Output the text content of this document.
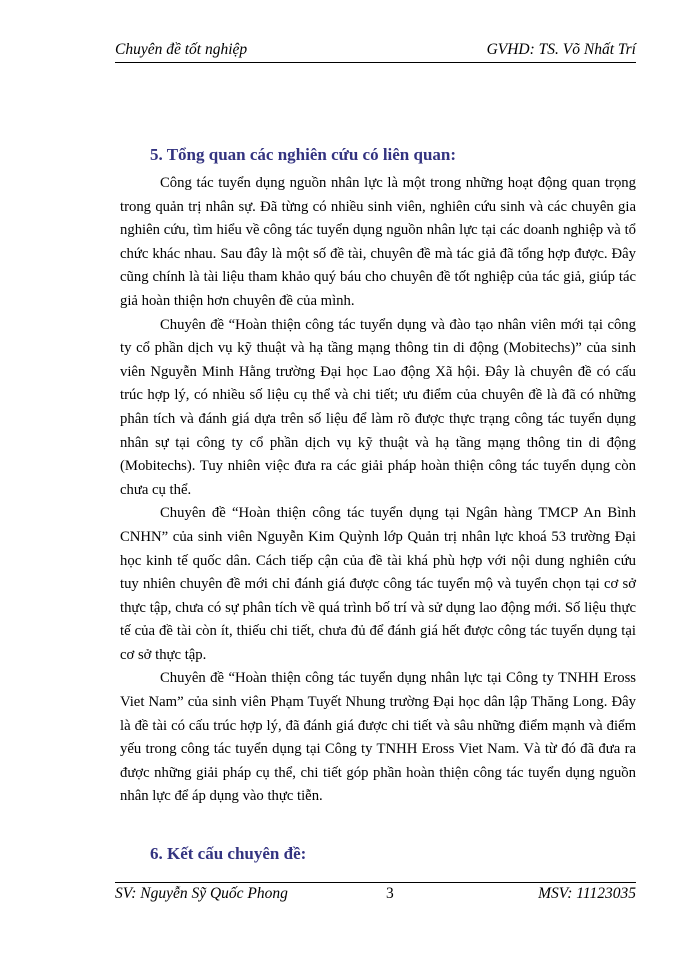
Chuyên đề tốt nghiệp	GVHD: TS. Võ Nhất Trí
5. Tổng quan các nghiên cứu có liên quan:

Công tác tuyển dụng nguồn nhân lực là một trong những hoạt động quan trọng trong quản trị nhân sự. Đã từng có nhiều sinh viên, nghiên cứu sinh và các chuyên gia nghiên cứu, tìm hiểu về công tác tuyển dụng nguồn nhân lực tại các doanh nghiệp và tổ chức khác nhau. Sau đây là một số đề tài, chuyên đề mà tác giả đã tổng hợp được. Đây cũng chính là tài liệu tham khảo quý báu cho chuyên đề tốt nghiệp của tác giả, giúp tác giả hoàn thiện hơn chuyên đề của mình.

Chuyên đề “Hoàn thiện công tác tuyển dụng và đào tạo nhân viên mới tại công ty cổ phần dịch vụ kỹ thuật và hạ tầng mạng thông tin di động (Mobitechs)” của sinh viên Nguyễn Minh Hằng trường Đại học Lao động Xã hội. Đây là chuyên đề có cấu trúc hợp lý, có nhiều số liệu cụ thể và chi tiết; ưu điểm của chuyên đề là đã có những phân tích và đánh giá dựa trên số liệu để làm rõ được thực trạng công tác tuyển dụng nhân sự tại công ty cổ phần dịch vụ kỹ thuật và hạ tầng mạng thông tin di động (Mobitechs). Tuy nhiên việc đưa ra các giải pháp hoàn thiện công tác tuyển dụng còn chưa cụ thể.

Chuyên đề “Hoàn thiện công tác tuyển dụng tại Ngân hàng TMCP An Bình CNHN” của sinh viên Nguyễn Kim Quỳnh lớp Quản trị nhân lực khoá 53 trường Đại học kinh tế quốc dân. Cách tiếp cận của đề tài khá phù hợp với nội dung nghiên cứu tuy nhiên chuyên đề mới chỉ đánh giá được công tác tuyển mộ và tuyển chọn tại cơ sở thực tập, chưa có sự phân tích về quá trình bố trí và sử dụng lao động mới. Số liệu thực tế của đề tài còn ít, thiếu chi tiết, chưa đủ để đánh giá hết được công tác tuyển dụng tại cơ sở thực tập.

Chuyên đề “Hoàn thiện công tác tuyển dụng nhân lực tại Công ty TNHH Eross Viet Nam” của sinh viên Phạm Tuyết Nhung trường Đại học dân lập Thăng Long. Đây là đề tài có cấu trúc hợp lý, đã đánh giá được chi tiết và sâu những điểm mạnh và điểm yếu trong công tác tuyển dụng tại Công ty TNHH Eross Viet Nam. Và từ đó đã đưa ra được những giải pháp cụ thể, chi tiết góp phần hoàn thiện công tác tuyển dụng nguồn nhân lực để áp dụng vào thực tiễn.

6. Kết cấu chuyên đề:
SV: Nguyễn Sỹ Quốc Phong	3	MSV: 11123035
